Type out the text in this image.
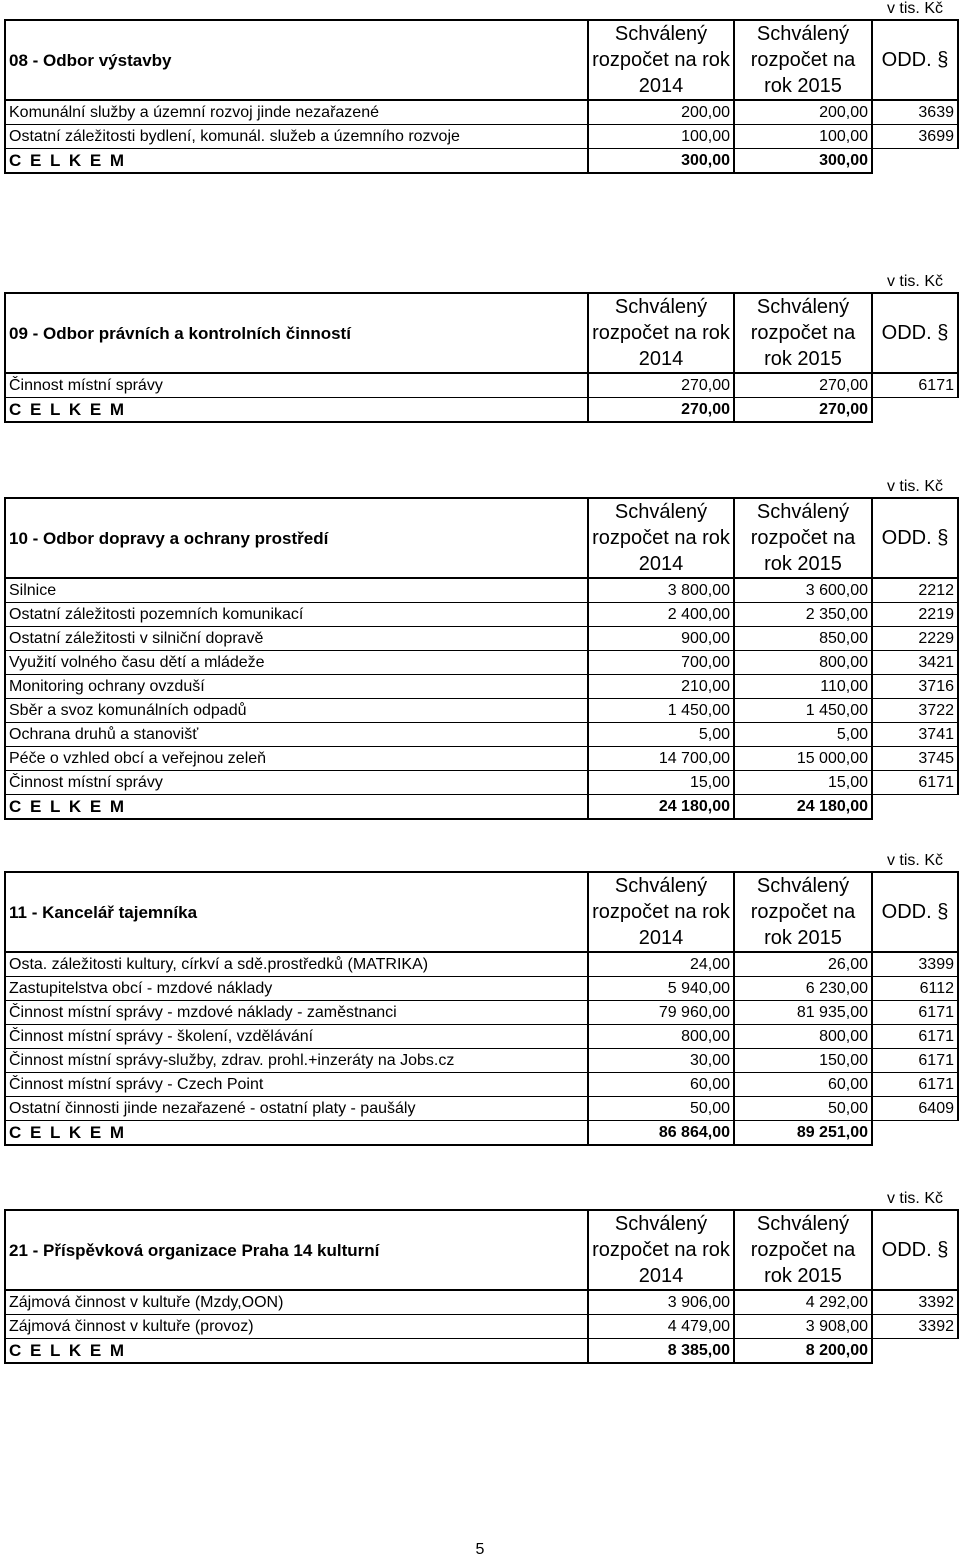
v tis. Kč
08 - Odbor výstavby	Schválený rozpočet na rok 2014	Schválený rozpočet na rok 2015	ODD. §
Komunální služby a územní rozvoj jinde nezařazené	200,00	200,00	3639
Ostatní záležitosti bydlení, komunál. služeb a územního rozvoje	100,00	100,00	3699
C E L K E M	300,00	300,00	
v tis. Kč
09 - Odbor právních a kontrolních činností	Schválený rozpočet na rok 2014	Schválený rozpočet na rok 2015	ODD. §
Činnost místní správy	270,00	270,00	6171
C E L K E M	270,00	270,00	
v tis. Kč
10 - Odbor dopravy a ochrany prostředí	Schválený rozpočet na rok 2014	Schválený rozpočet na rok 2015	ODD. §
Silnice	3 800,00	3 600,00	2212
Ostatní záležitosti pozemních komunikací	2 400,00	2 350,00	2219
Ostatní záležitosti v silniční dopravě	900,00	850,00	2229
Využití volného času dětí a mládeže	700,00	800,00	3421
Monitoring ochrany ovzduší	210,00	110,00	3716
Sběr a svoz komunálních odpadů	1 450,00	1 450,00	3722
Ochrana druhů a stanovišť	5,00	5,00	3741
Péče o vzhled obcí a veřejnou zeleň	14 700,00	15 000,00	3745
Činnost místní správy	15,00	15,00	6171
C E L K E M	24 180,00	24 180,00	
v tis. Kč
11 - Kancelář tajemníka	Schválený rozpočet na rok 2014	Schválený rozpočet na rok 2015	ODD. §
Osta. záležitosti kultury, církví a sdě.prostředků (MATRIKA)	24,00	26,00	3399
Zastupitelstva obcí - mzdové náklady	5 940,00	6 230,00	6112
Činnost místní správy - mzdové náklady - zaměstnanci	79 960,00	81 935,00	6171
Činnost místní správy - školení, vzdělávání	800,00	800,00	6171
Činnost místní správy-služby, zdrav. prohl.+inzeráty na Jobs.cz	30,00	150,00	6171
Činnost místní správy - Czech Point	60,00	60,00	6171
Ostatní činnosti jinde nezařazené - ostatní platy - paušály	50,00	50,00	6409
C E L K E M	86 864,00	89 251,00	
v tis. Kč
21 - Příspěvková organizace Praha 14 kulturní	Schválený rozpočet na rok 2014	Schválený rozpočet na rok 2015	ODD. §
Zájmová činnost v kultuře (Mzdy,OON)	3 906,00	4 292,00	3392
Zájmová činnost v kultuře (provoz)	4 479,00	3 908,00	3392
C E L K E M	8 385,00	8 200,00	
5
